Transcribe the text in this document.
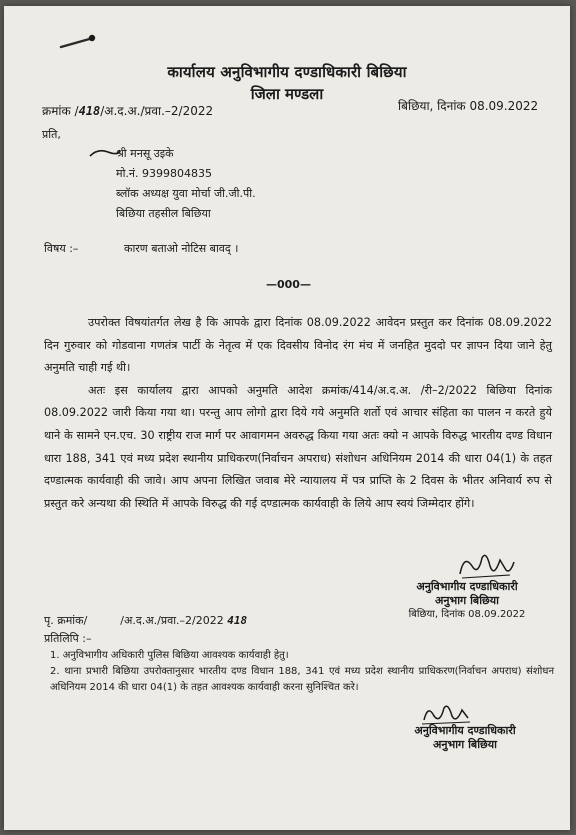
कार्यालय अनुविभागीय दण्डाधिकारी बिछिया
जिला मण्डला
क्रमांक /418/अ.द.अ./प्रवा.–2/2022	बिछिया, दिनांक 08.09.2022
प्रति,
श्री मनसू उइके
मो.नं. 9399804835
ब्लॉक अध्यक्ष युवा मोर्चा जी.जी.पी.
बिछिया तहसील बिछिया
विषय :–	कारण बताओ नोटिस बावद् ।
—000—

उपरोक्त विषयांतर्गत लेख है कि आपके द्वारा दिनांक 08.09.2022 आवेदन प्रस्तुत कर दिनांक 08.09.2022 दिन गुरुवार को गोडवाना गणतंत्र पार्टी के नेतृत्व में एक दिवसीय विनोद रंग मंच में जनहित मुददो पर ज्ञापन दिया जाने हेतु अनुमति चाही गई थी।

अतः इस कार्यालय द्वारा आपको अनुमति आदेश क्रमांक/414/अ.द.अ. /री–2/2022 बिछिया दिनांक 08.09.2022 जारी किया गया था। परन्तु आप लोगो द्वारा दिये गये अनुमति शर्तो एवं आचार संहिता का पालन न करते हुये थाने के सामने एन.एच. 30 राष्ट्रीय राज मार्ग पर आवागमन अवरुद्ध किया गया अतः क्यो न आपके विरुद्ध भारतीय दण्ड विधान धारा 188, 341 एवं मध्य प्रदेश स्थानीय प्राधिकरण(निर्वाचन अपराध) संशोधन अधिनियम 2014 की धारा 04(1) के तहत दण्डात्मक कार्यवाही की जावे। आप अपना लिखित जवाब मेरे न्यायालय में पत्र प्राप्ति के 2 दिवस के भीतर अनिवार्य रुप से प्रस्तुत करे अन्यथा की स्थिति में आपके विरुद्ध की गई दण्डात्मक कार्यवाही के लिये आप स्वयं जिम्मेदार होंगे।

अनुविभागीय दण्डाधिकारी
अनुभाग बिछिया
बिछिया, दिनांक 08.09.2022
पृ. क्रमांक/	/अ.द.अ./प्रवा.–2/2022 418
प्रतिलिपि :–
1. अनुविभागीय अधिकारी पुलिस बिछिया आवश्यक कार्यवाही हेतु।
2. थाना प्रभारी बिछिया उपरोक्तानुसार भारतीय दण्ड विधान 188, 341 एवं मध्य प्रदेश स्थानीय प्राधिकरण(निर्वाचन अपराध) संशोधन अधिनियम 2014 की धारा 04(1) के तहत आवश्यक कार्यवाही करना सुनिश्चित करे।
अनुविभागीय दण्डाधिकारी
अनुभाग बिछिया
